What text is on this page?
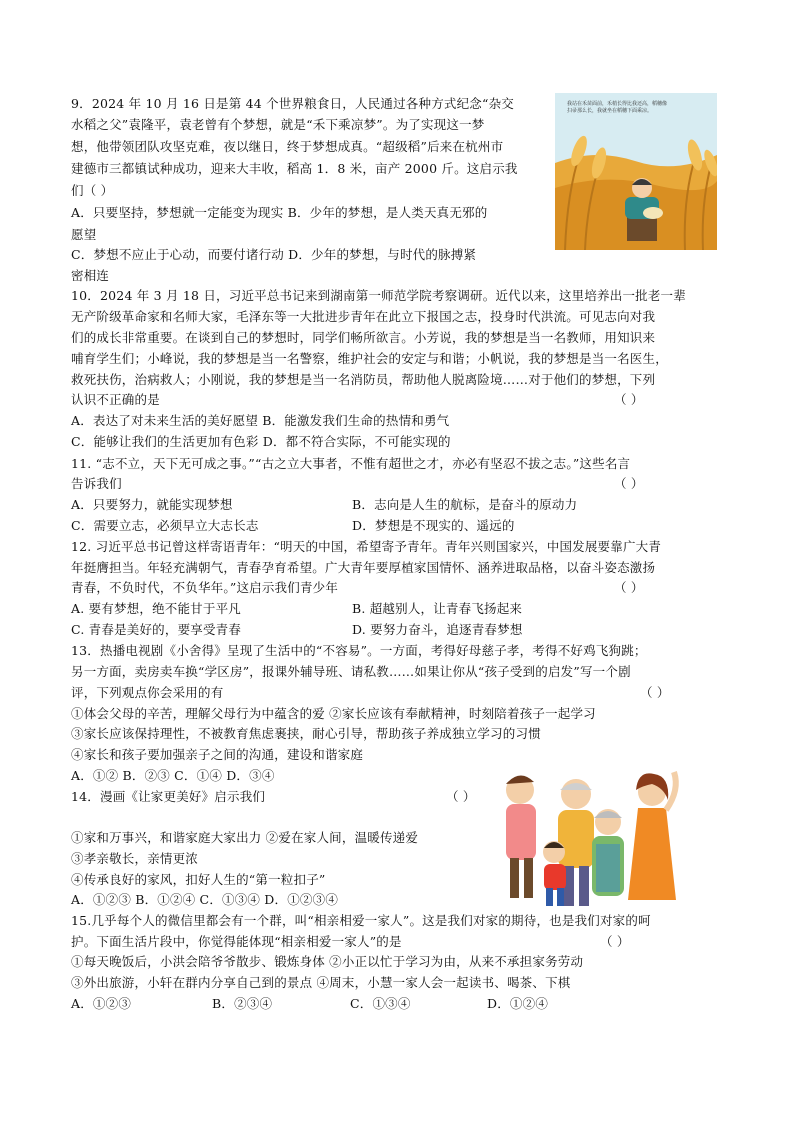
9．2024 年 10 月 16 日是第 44 个世界粮食日，人民通过各种方式纪念“杂交
水稻之父”袁隆平，袁老曾有个梦想，就是“禾下乘凉梦”。为了实现这一梦
想，他带领团队攻坚克难，夜以继日，终于梦想成真。“超级稻”后来在杭州市
建德市三都镇试种成功，迎来大丰收，稻高 1．8 米，亩产 2000 斤。这启示我
们（ ）
A．只要坚持，梦想就一定能变为现实 B．少年的梦想，是人类天真无邪的
愿望
C．梦想不应止于心动，而要付诸行动 D．少年的梦想，与时代的脉搏紧
密相连
我站在禾苗面前，禾梢长得比我还高，稻穗像扫帚那么长，我就坐在稻穗下面乘凉。
10．2024 年 3 月 18 日，习近平总书记来到湖南第一师范学院考察调研。近代以来，这里培养出一批老一辈
无产阶级革命家和名师大家，毛泽东等一大批进步青年在此立下报国之志，投身时代洪流。可见志向对我
们的成长非常重要。在谈到自己的梦想时，同学们畅所欲言。小芳说，我的梦想是当一名教师，用知识来
哺育学生们；小峰说，我的梦想是当一名警察，维护社会的安定与和谐；小帆说，我的梦想是当一名医生，
救死扶伤，治病救人；小刚说，我的梦想是当一名消防员，帮助他人脱离险境……对于他们的梦想，下列
认识不正确的是	（ ）
A．表达了对未来生活的美好愿望 B．能激发我们生命的热情和勇气
C．能够让我们的生活更加有色彩 D．都不符合实际，不可能实现的
11. “志不立，天下无可成之事。”“古之立大事者，不惟有超世之才，亦必有坚忍不拔之志。”这些名言
告诉我们	（ ）
A．只要努力，就能实现梦想	B．志向是人生的航标，是奋斗的原动力
C．需要立志，必须早立大志长志	D．梦想是不现实的、遥远的
12. 习近平总书记曾这样寄语青年：“明天的中国，希望寄予青年。青年兴则国家兴，中国发展要靠广大青
年挺膺担当。年轻充满朝气，青春孕育希望。广大青年要厚植家国情怀、涵养进取品格，以奋斗姿态激扬
青春，不负时代，不负华年。”这启示我们青少年	（ ）
A. 要有梦想，绝不能甘于平凡	B. 超越别人，让青春飞扬起来
C. 青春是美好的，要享受青春	D. 要努力奋斗，追逐青春梦想
13．热播电视剧《小舍得》呈现了生活中的“不容易”。一方面，考得好母慈子孝，考得不好鸡飞狗跳；
另一方面，卖房卖车换“学区房”，报课外辅导班、请私教……如果让你从“孩子受到的启发”写一个剧
评，下列观点你会采用的有	（ ）
①体会父母的辛苦，理解父母行为中蕴含的爱 ②家长应该有奉献精神，时刻陪着孩子一起学习
③家长应该保持理性，不被教育焦虑裹挟，耐心引导，帮助孩子养成独立学习的习惯
④家长和孩子要加强亲子之间的沟通，建设和谐家庭
A．①② B．②③ C．①④ D．③④
14．漫画《让家更美好》启示我们	（ ）
①家和万事兴，和谐家庭大家出力 ②爱在家人间，温暖传递爱
③孝亲敬长，亲情更浓
④传承良好的家风，扣好人生的“第一粒扣子”
A．①②③ B．①②④ C．①③④ D．①②③④
15.几乎每个人的微信里都会有一个群，叫“相亲相爱一家人”。这是我们对家的期待，也是我们对家的呵
护。下面生活片段中，你觉得能体现“相亲相爱一家人”的是	（ ）
①每天晚饭后，小洪会陪爷爷散步、锻炼身体 ②小正以忙于学习为由，从来不承担家务劳动
③外出旅游，小轩在群内分享自己到的景点 ④周末，小慧一家人会一起读书、喝茶、下棋
A．①②③	B．②③④	C．①③④	D．①②④
